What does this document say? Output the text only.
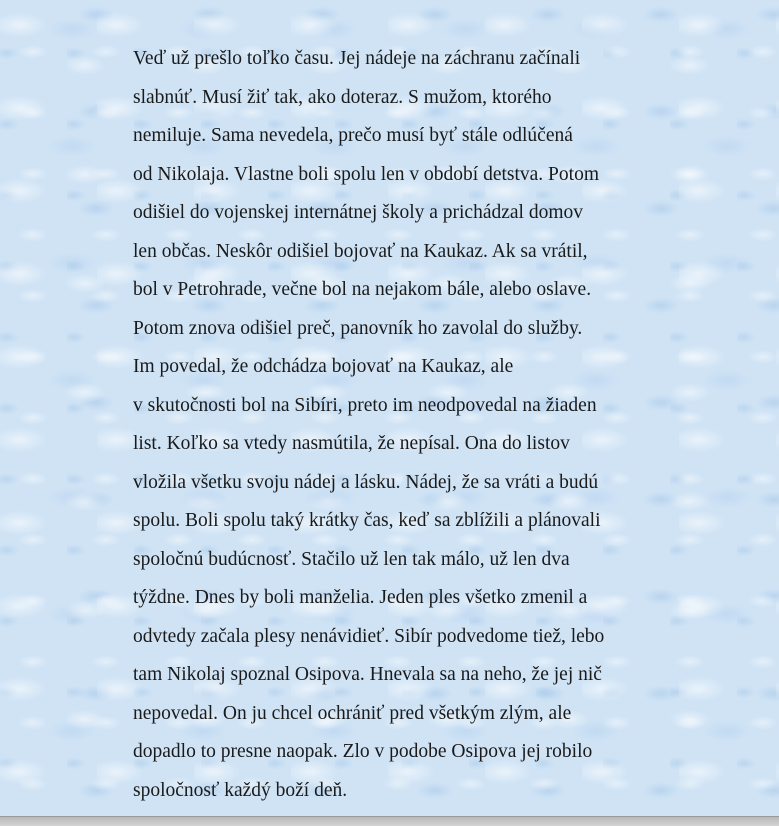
Veď už prešlo toľko času. Jej nádeje na záchranu začínali
slabnúť. Musí žiť tak, ako doteraz. S mužom, ktorého
nemiluje. Sama nevedela, prečo musí byť stále odlúčená
od Nikolaja. Vlastne boli spolu len v období detstva. Potom
odišiel do vojenskej internátnej školy a prichádzal domov
len občas. Neskôr odišiel bojovať na Kaukaz. Ak sa vrátil,
bol v Petrohrade, večne bol na nejakom bále, alebo oslave.
Potom znova odišiel preč, panovník ho zavolal do služby.
Im povedal, že odchádza bojovať na Kaukaz, ale
v skutočnosti bol na Sibíri, preto im neodpovedal na žiaden
list. Koľko sa vtedy nasmútila, že nepísal. Ona do listov
vložila všetku svoju nádej a lásku. Nádej, že sa vráti a budú
spolu. Boli spolu taký krátky čas, keď sa zblížili a plánovali
spoločnú budúcnosť. Stačilo už len tak málo, už len dva
týždne. Dnes by boli manželia. Jeden ples všetko zmenil a
odvtedy začala plesy nenávidieť. Sibír podvedome tiež, lebo
tam Nikolaj spoznal Osipova. Hnevala sa na neho, že jej nič
nepovedal. On ju chcel ochrániť pred všetkým zlým, ale
dopadlo to presne naopak. Zlo v podobe Osipova jej robilo
spoločnosť každý boží deň.
